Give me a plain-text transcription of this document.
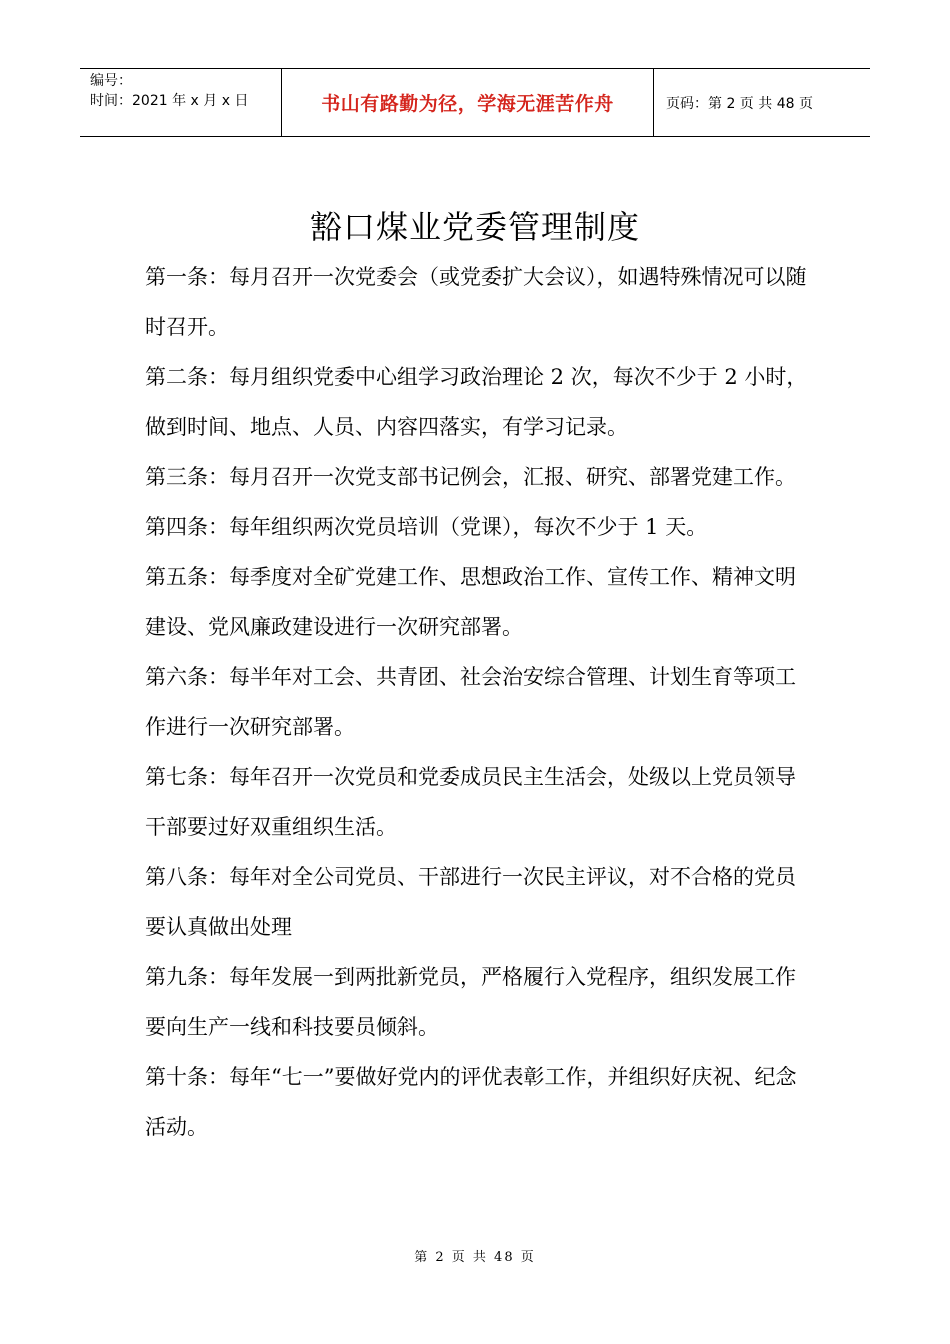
编号：
时间：2021 年 x 月 x 日	书山有路勤为径，学海无涯苦作舟	页码：第 2 页 共 48 页
豁口煤业党委管理制度

第一条：每月召开一次党委会（或党委扩大会议），如遇特殊情况可以随时召开。

第二条：每月组织党委中心组学习政治理论 2 次，每次不少于 2 小时，做到时间、地点、人员、内容四落实，有学习记录。

第三条：每月召开一次党支部书记例会，汇报、研究、部署党建工作。

第四条：每年组织两次党员培训（党课），每次不少于 1 天。

第五条：每季度对全矿党建工作、思想政治工作、宣传工作、精神文明建设、党风廉政建设进行一次研究部署。

第六条：每半年对工会、共青团、社会治安综合管理、计划生育等项工作进行一次研究部署。

第七条：每年召开一次党员和党委成员民主生活会，处级以上党员领导干部要过好双重组织生活。

第八条：每年对全公司党员、干部进行一次民主评议，对不合格的党员要认真做出处理

第九条：每年发展一到两批新党员，严格履行入党程序，组织发展工作要向生产一线和科技要员倾斜。

第十条：每年“七一”要做好党内的评优表彰工作，并组织好庆祝、纪念活动。

第 2 页 共 48 页
